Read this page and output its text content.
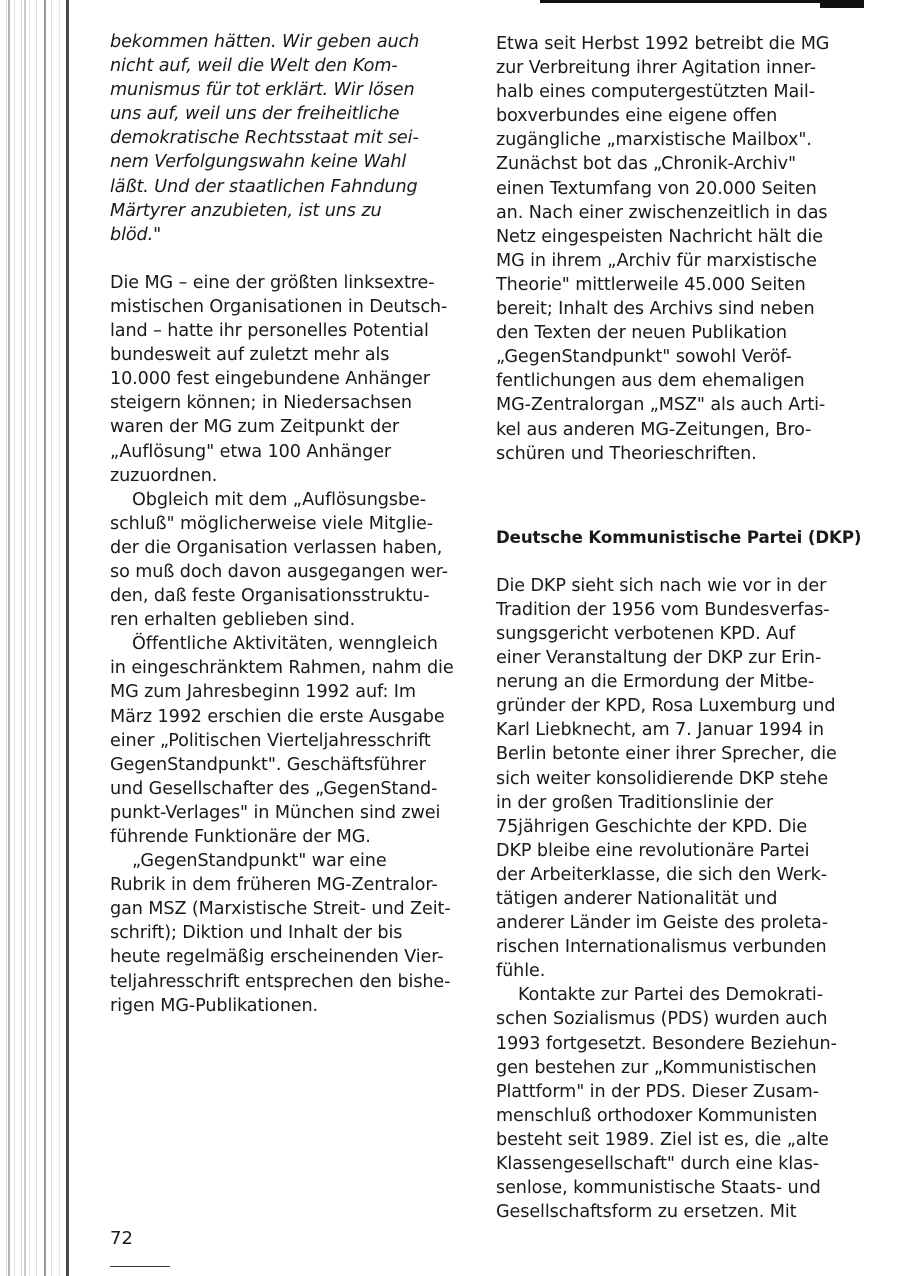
bekommen hätten. Wir geben auch
nicht auf, weil die Welt den Kom-
munismus für tot erklärt. Wir lösen
uns auf, weil uns der freiheitliche
demokratische Rechtsstaat mit sei-
nem Verfolgungswahn keine Wahl
läßt. Und der staatlichen Fahndung
Märtyrer anzubieten, ist uns zu
blöd."
Die MG – eine der größten linksextre-
mistischen Organisationen in Deutsch-
land – hatte ihr personelles Potential
bundesweit auf zuletzt mehr als
10.000 fest eingebundene Anhänger
steigern können; in Niedersachsen
waren der MG zum Zeitpunkt der
„Auflösung" etwa 100 Anhänger
zuzuordnen.
Obgleich mit dem „Auflösungsbe-
schluß" möglicherweise viele Mitglie-
der die Organisation verlassen haben,
so muß doch davon ausgegangen wer-
den, daß feste Organisationsstruktu-
ren erhalten geblieben sind.
Öffentliche Aktivitäten, wenngleich
in eingeschränktem Rahmen, nahm die
MG zum Jahresbeginn 1992 auf: Im
März 1992 erschien die erste Ausgabe
einer „Politischen Vierteljahresschrift
GegenStandpunkt". Geschäftsführer
und Gesellschafter des „GegenStand-
punkt-Verlages" in München sind zwei
führende Funktionäre der MG.
„GegenStandpunkt" war eine
Rubrik in dem früheren MG-Zentralor-
gan MSZ (Marxistische Streit- und Zeit-
schrift); Diktion und Inhalt der bis
heute regelmäßig erscheinenden Vier-
teljahresschrift entsprechen den bishe-
rigen MG-Publikationen.
Etwa seit Herbst 1992 betreibt die MG
zur Verbreitung ihrer Agitation inner-
halb eines computergestützten Mail-
boxverbundes eine eigene offen
zugängliche „marxistische Mailbox".
Zunächst bot das „Chronik-Archiv"
einen Textumfang von 20.000 Seiten
an. Nach einer zwischenzeitlich in das
Netz eingespeisten Nachricht hält die
MG in ihrem „Archiv für marxistische
Theorie" mittlerweile 45.000 Seiten
bereit; Inhalt des Archivs sind neben
den Texten der neuen Publikation
„GegenStandpunkt" sowohl Veröf-
fentlichungen aus dem ehemaligen
MG-Zentralorgan „MSZ" als auch Arti-
kel aus anderen MG-Zeitungen, Bro-
schüren und Theorieschriften.
Deutsche Kommunistische Partei (DKP)
Die DKP sieht sich nach wie vor in der
Tradition der 1956 vom Bundesverfas-
sungsgericht verbotenen KPD. Auf
einer Veranstaltung der DKP zur Erin-
nerung an die Ermordung der Mitbe-
gründer der KPD, Rosa Luxemburg und
Karl Liebknecht, am 7. Januar 1994 in
Berlin betonte einer ihrer Sprecher, die
sich weiter konsolidierende DKP stehe
in der großen Traditionslinie der
75jährigen Geschichte der KPD. Die
DKP bleibe eine revolutionäre Partei
der Arbeiterklasse, die sich den Werk-
tätigen anderer Nationalität und
anderer Länder im Geiste des proleta-
rischen Internationalismus verbunden
fühle.
Kontakte zur Partei des Demokrati-
schen Sozialismus (PDS) wurden auch
1993 fortgesetzt. Besondere Beziehun-
gen bestehen zur „Kommunistischen
Plattform" in der PDS. Dieser Zusam-
menschluß orthodoxer Kommunisten
besteht seit 1989. Ziel ist es, die „alte
Klassengesellschaft" durch eine klas-
senlose, kommunistische Staats- und
Gesellschaftsform zu ersetzen. Mit
72
